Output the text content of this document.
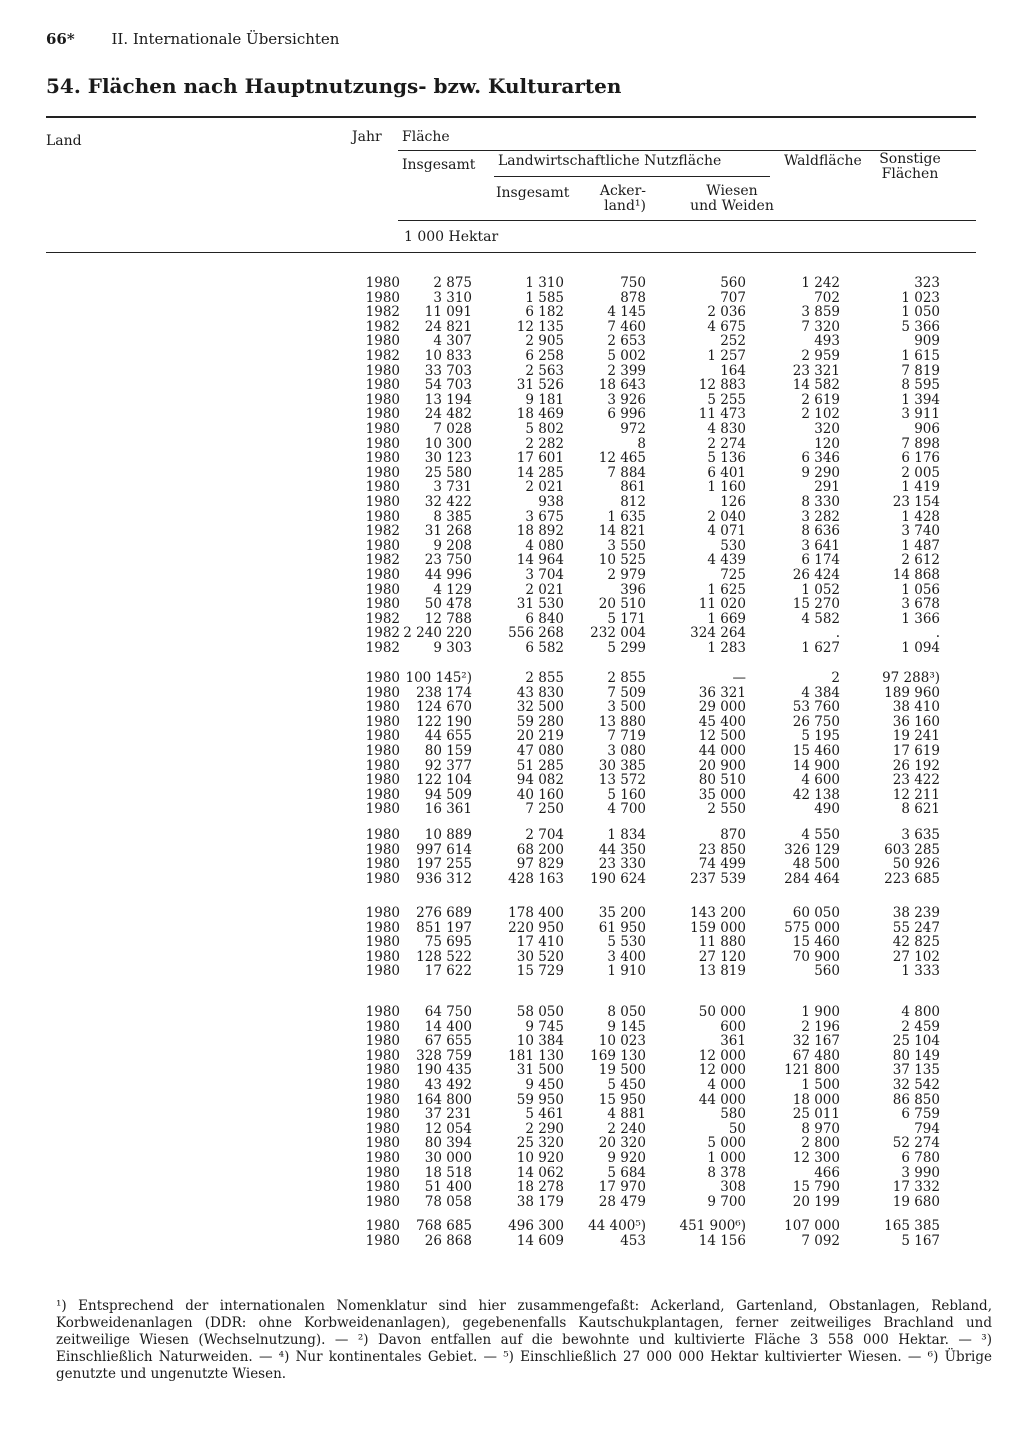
66* II. Internationale Übersichten
54. Flächen nach Hauptnutzungs- bzw. Kulturarten
Land	Jahr Fläche
Insgesamt Landwirtschaftliche Nutzfläche
Insgesamt	Acker-
land¹)
Wiesen
und Weiden
Waldfläche	Sonstige
Flächen
1 000 Hektar
1980	2 875	1 310	750	560	1 242	323
1980	3 310	1 585	878	707	702	1 023
1982	11 091	6 182	4 145	2 036	3 859	1 050
1982	24 821	12 135	7 460	4 675	7 320	5 366
1980	4 307	2 905	2 653	252	493	909
1982	10 833	6 258	5 002	1 257	2 959	1 615
1980	33 703	2 563	2 399	164	23 321	7 819
1980	54 703	31 526	18 643	12 883	14 582	8 595
1980	13 194	9 181	3 926	5 255	2 619	1 394
1980	24 482	18 469	6 996	11 473	2 102	3 911
1980	7 028	5 802	972	4 830	320	906
1980	10 300	2 282	8	2 274	120	7 898
1980	30 123	17 601	12 465	5 136	6 346	6 176
1980	25 580	14 285	7 884	6 401	9 290	2 005
1980	3 731	2 021	861	1 160	291	1 419
1980	32 422	938	812	126	8 330	23 154
1980	8 385	3 675	1 635	2 040	3 282	1 428
1982	31 268	18 892	14 821	4 071	8 636	3 740
1980	9 208	4 080	3 550	530	3 641	1 487
1982	23 750	14 964	10 525	4 439	6 174	2 612
1980	44 996	3 704	2 979	725	26 424	14 868
1980	4 129	2 021	396	1 625	1 052	1 056
1980	50 478	31 530	20 510	11 020	15 270	3 678
1982	12 788	6 840	5 171	1 669	4 582	1 366
1982 2 240 220	556 268	232 004	324 264	.	.
1982	9 303	6 582	5 299	1 283	1 627	1 094
1980 100 145²)	2 855	2 855	—	2	97 288³)
1980	238 174	43 830	7 509	36 321	4 384	189 960
1980	124 670	32 500	3 500	29 000	53 760	38 410
1980	122 190	59 280	13 880	45 400	26 750	36 160
1980	44 655	20 219	7 719	12 500	5 195	19 241
1980	80 159	47 080	3 080	44 000	15 460	17 619
1980	92 377	51 285	30 385	20 900	14 900	26 192
1980	122 104	94 082	13 572	80 510	4 600	23 422
1980	94 509	40 160	5 160	35 000	42 138	12 211
1980	16 361	7 250	4 700	2 550	490	8 621
1980	10 889	2 704	1 834	870	4 550	3 635
1980	997 614	68 200	44 350	23 850	326 129	603 285
1980	197 255	97 829	23 330	74 499	48 500	50 926
1980	936 312	428 163	190 624	237 539	284 464	223 685
1980	276 689	178 400	35 200	143 200	60 050	38 239
1980	851 197	220 950	61 950	159 000	575 000	55 247
1980	75 695	17 410	5 530	11 880	15 460	42 825
1980	128 522	30 520	3 400	27 120	70 900	27 102
1980	17 622	15 729	1 910	13 819	560	1 333
1980	64 750	58 050	8 050	50 000	1 900	4 800
1980	14 400	9 745	9 145	600	2 196	2 459
1980	67 655	10 384	10 023	361	32 167	25 104
1980	328 759	181 130	169 130	12 000	67 480	80 149
1980	190 435	31 500	19 500	12 000	121 800	37 135
1980	43 492	9 450	5 450	4 000	1 500	32 542
1980	164 800	59 950	15 950	44 000	18 000	86 850
1980	37 231	5 461	4 881	580	25 011	6 759
1980	12 054	2 290	2 240	50	8 970	794
1980	80 394	25 320	20 320	5 000	2 800	52 274
1980	30 000	10 920	9 920	1 000	12 300	6 780
1980	18 518	14 062	5 684	8 378	466	3 990
1980	51 400	18 278	17 970	308	15 790	17 332
1980	78 058	38 179	28 479	9 700	20 199	19 680
1980	768 685	496 300	44 400⁵)	451 900⁶)	107 000	165 385
1980	26 868	14 609	453	14 156	7 092	5 167
¹) Entsprechend der internationalen Nomenklatur sind hier zusammengefaßt: Ackerland, Gartenland, Obstanlagen, Rebland, Korbweidenanlagen (DDR: ohne Korbweidenanlagen), gegebenenfalls Kautschukplantagen, ferner zeitweiliges Brachland und zeitweilige Wiesen (Wechselnutzung). — ²) Davon entfallen auf die bewohnte und kultivierte Fläche 3 558 000 Hektar. — ³) Einschließlich Naturweiden. — ⁴) Nur kontinentales Gebiet. — ⁵) Einschließlich 27 000 000 Hektar kultivierter Wiesen. — ⁶) Übrige genutzte und ungenutzte Wiesen.
